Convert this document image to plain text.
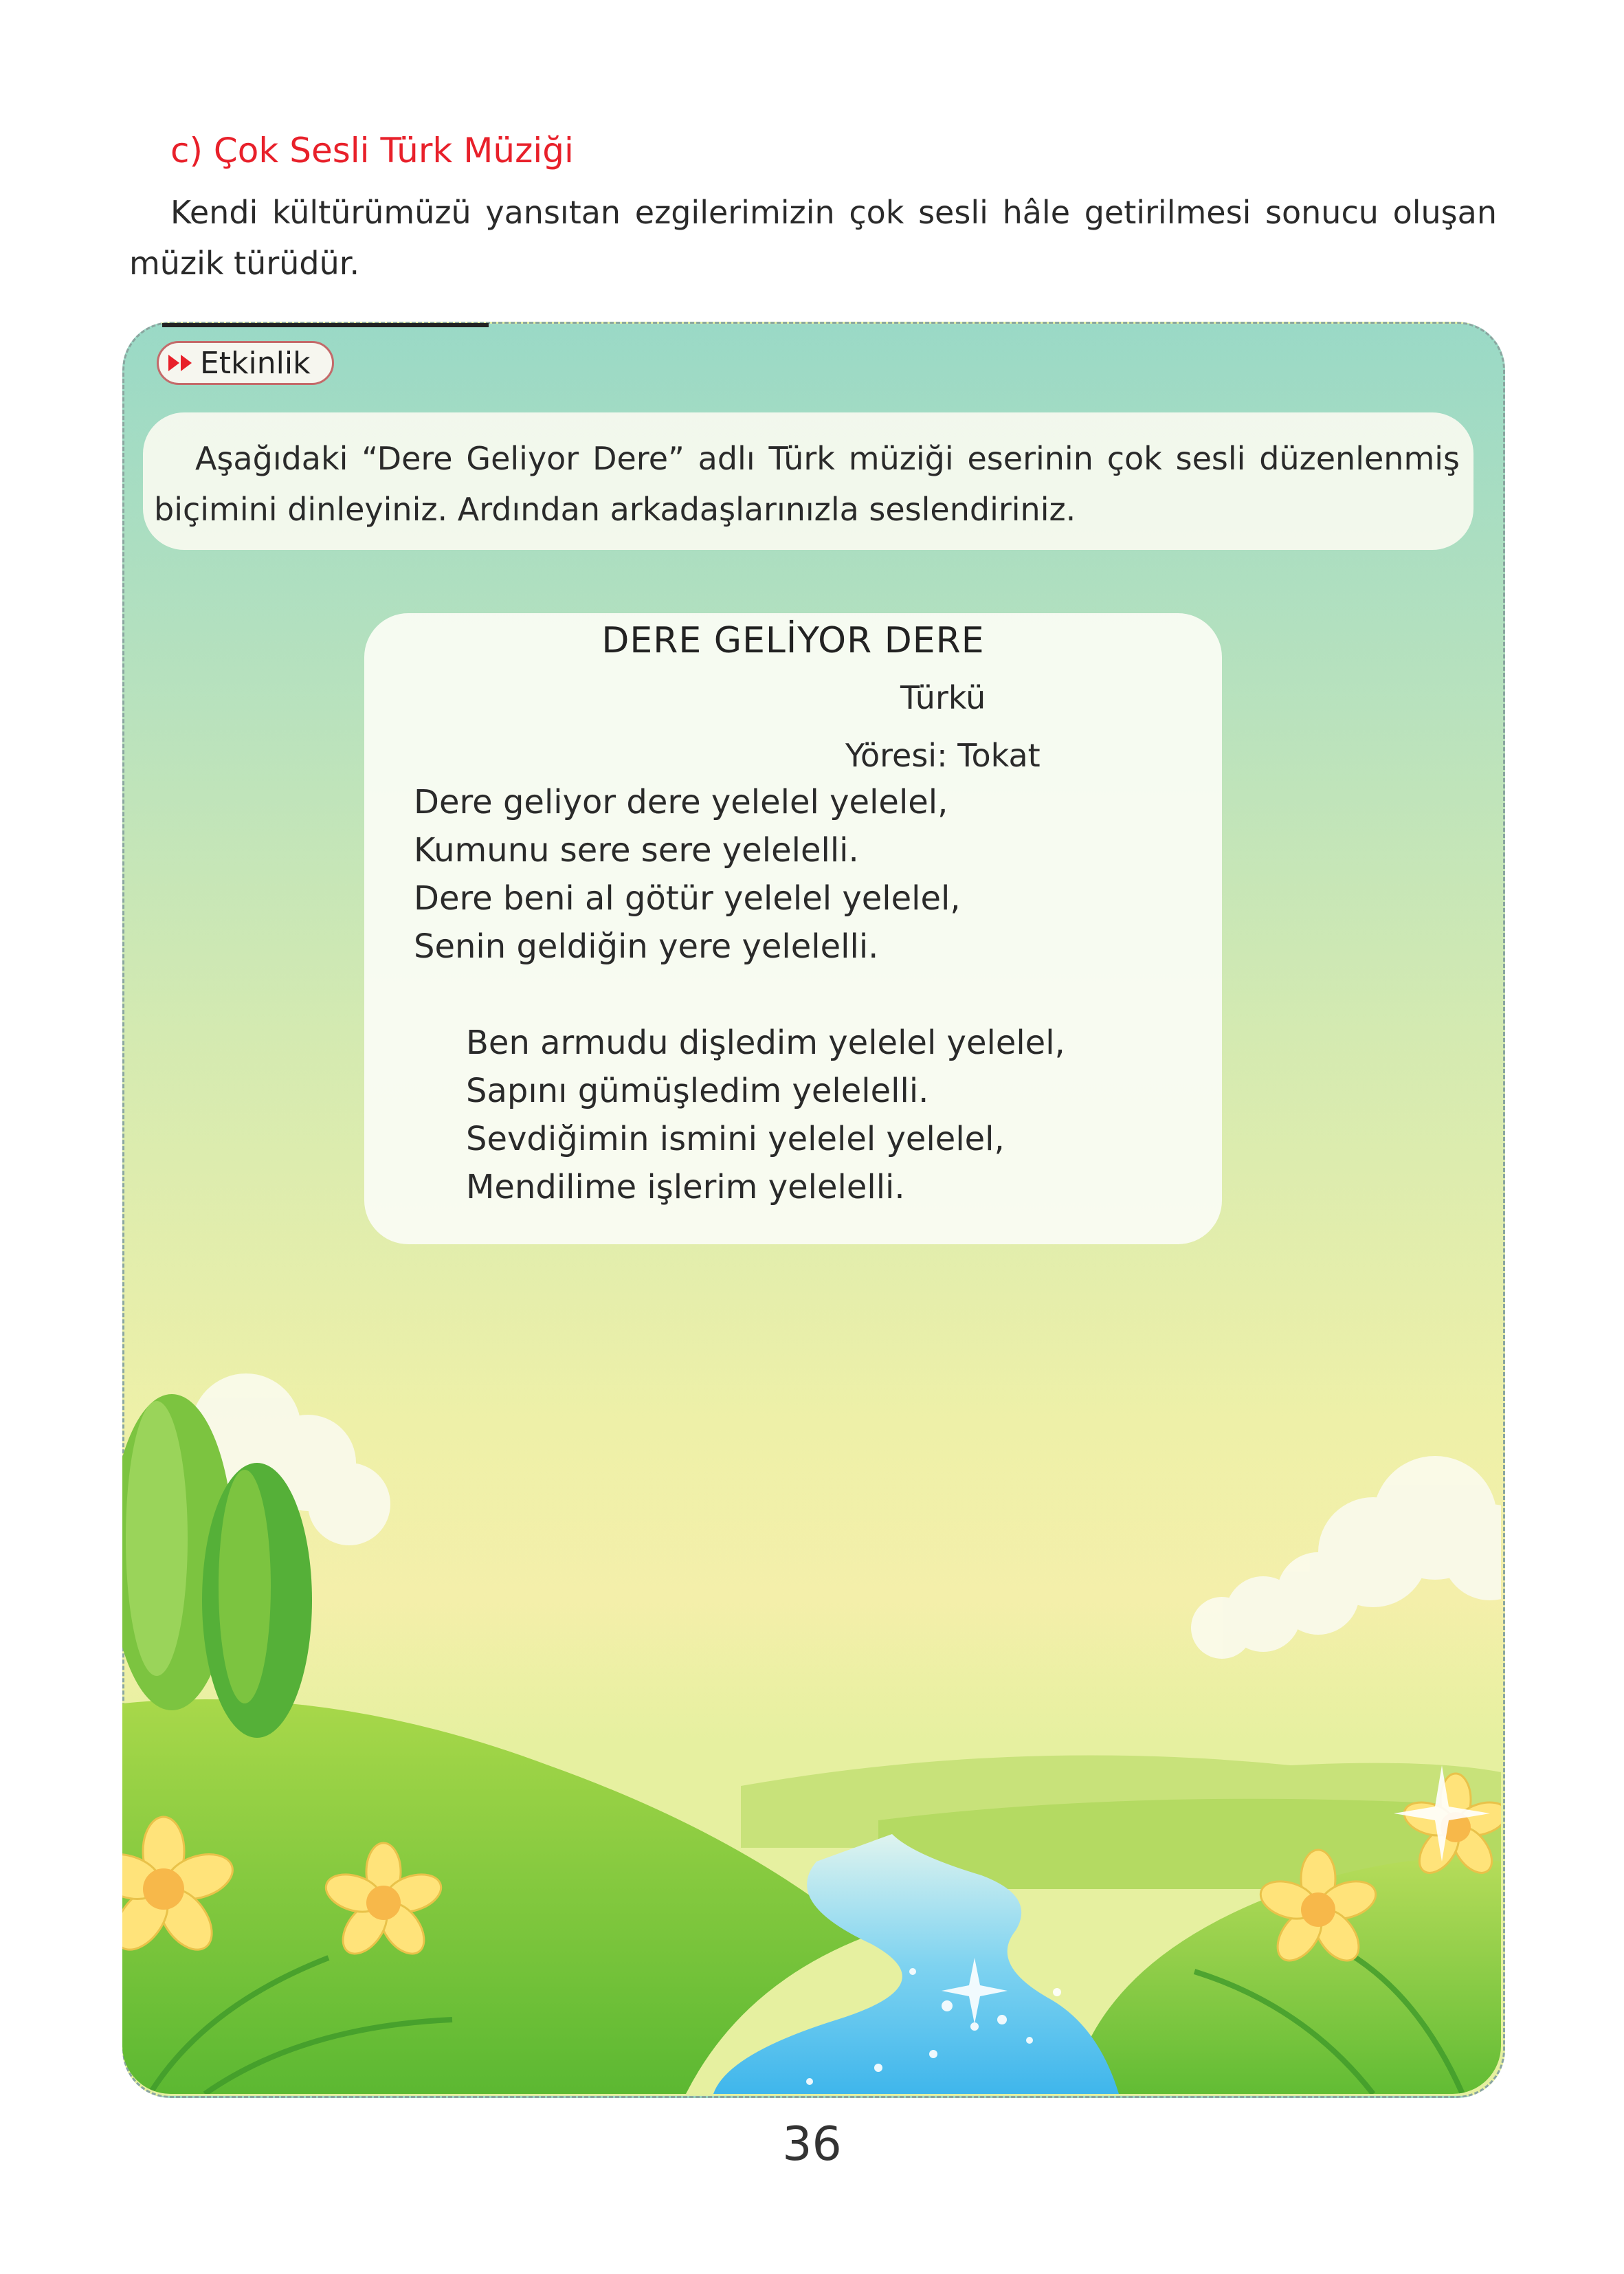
c) Çok Sesli Türk Müziği
Kendi kültürümüzü yansıtan ezgilerimizin çok sesli hâle getirilmesi sonucu oluşan müzik türüdür.
Etkinlik
Aşağıdaki “Dere Geliyor Dere” adlı Türk müziği eserinin çok sesli düzenlenmiş biçimini dinleyiniz. Ardından arkadaşlarınızla seslendiriniz.
DERE GELİYOR DERE
Türkü
Yöresi: Tokat
Dere geliyor dere yelelel yelelel,
Kumunu sere sere yelelelli.
Dere beni al götür yelelel yelelel,
Senin geldiğin yere yelelelli.
Ben armudu dişledim yelelel yelelel,
Sapını gümüşledim yelelelli.
Sevdiğimin ismini yelelel yelelel,
Mendilime işlerim yelelelli.
36
